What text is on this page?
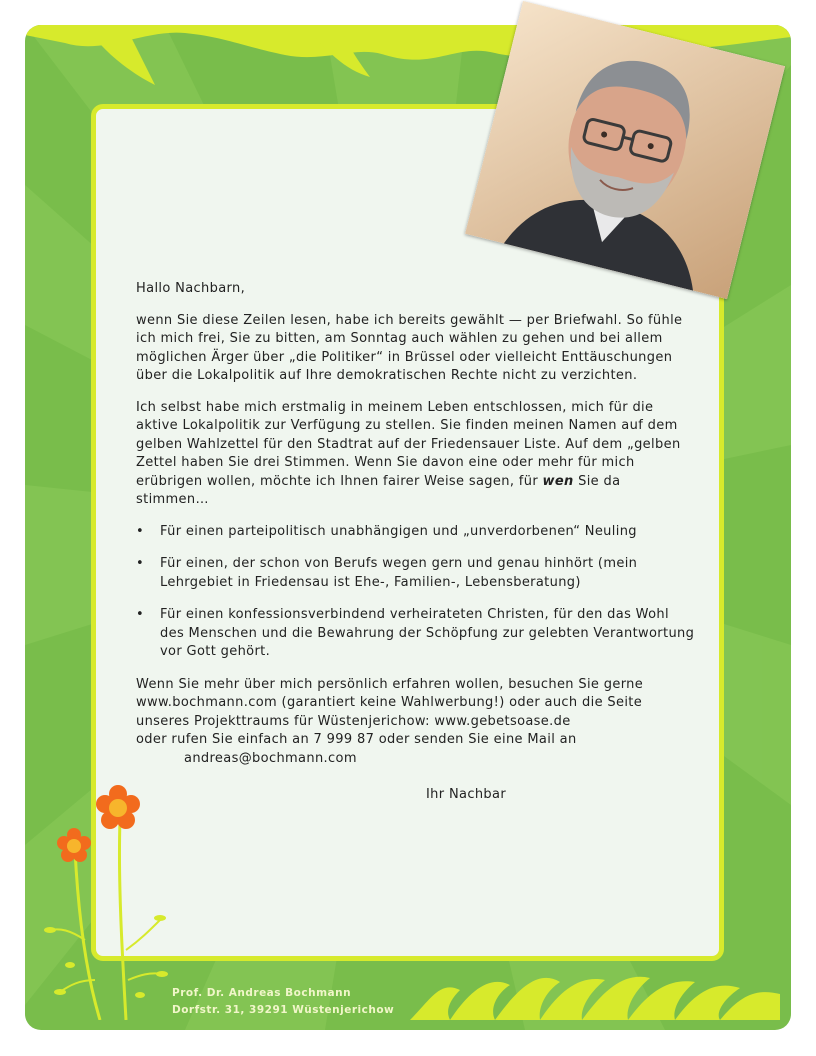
Hallo Nachbarn,

wenn Sie diese Zeilen lesen, habe ich bereits gewählt — per Briefwahl. So fühle ich mich frei, Sie zu bitten, am Sonntag auch wählen zu gehen und bei allem möglichen Ärger über „die Politiker“ in Brüssel oder vielleicht Enttäuschungen über die Lokalpolitik auf Ihre demokratischen Rechte nicht zu verzichten.

Ich selbst habe mich erstmalig in meinem Leben entschlossen, mich für die aktive Lokalpolitik zur Verfügung zu stellen. Sie finden meinen Namen auf dem gelben Wahlzettel für den Stadtrat auf der Friedensauer Liste. Auf dem „gelben Zettel haben Sie drei Stimmen. Wenn Sie davon eine oder mehr für mich erübrigen wollen, möchte ich Ihnen fairer Weise sagen, für wen Sie da stimmen…

• Für einen parteipolitisch unabhängigen und „unverdorbenen“ Neuling
• Für einen, der schon von Berufs wegen gern und genau hinhört (mein Lehrgebiet in Friedensau ist Ehe-, Familien-, Lebensberatung)
• Für einen konfessionsverbindend verheirateten Christen, für den das Wohl des Menschen und die Bewahrung der Schöpfung zur gelebten Verantwortung vor Gott gehört.
Wenn Sie mehr über mich persönlich erfahren wollen, besuchen Sie gerne
www.bochmann.com (garantiert keine Wahlwerbung!) oder auch die Seite
unseres Projekttraums für Wüstenjerichow: www.gebetsoase.de
oder rufen Sie einfach an 7 999 87 oder senden Sie eine Mail an
andreas@bochmann.com
Ihr Nachbar
Prof. Dr. Andreas Bochmann
Dorfstr. 31, 39291 Wüstenjerichow
